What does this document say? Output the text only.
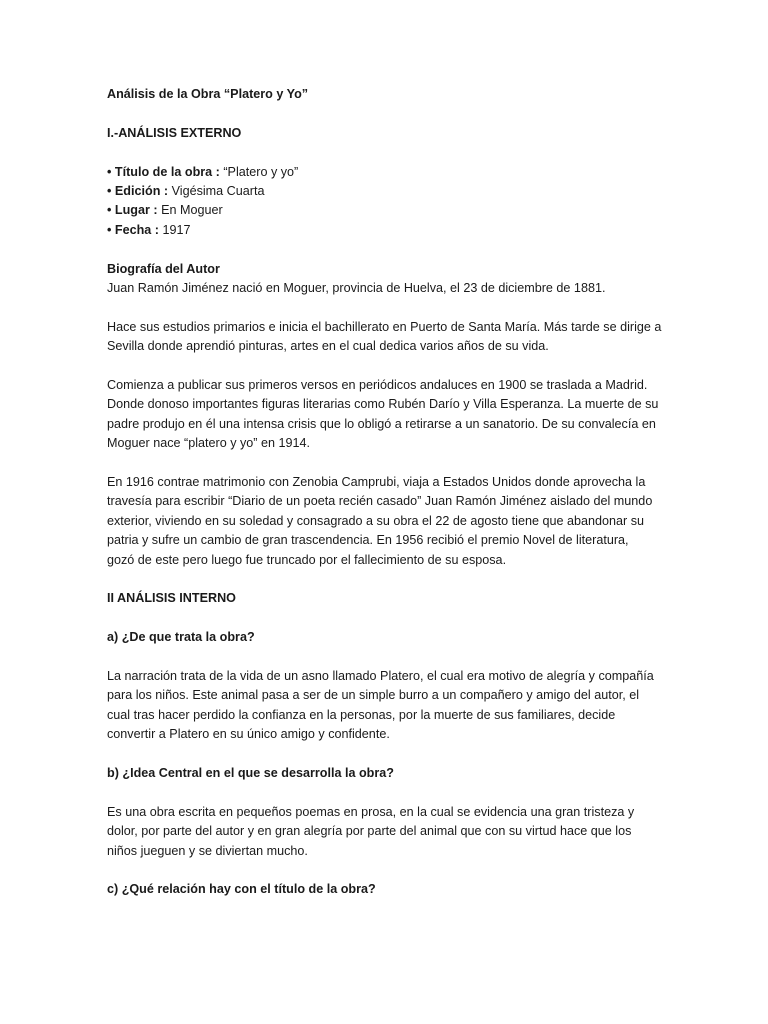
Análisis de la Obra “Platero y Yo”
I.-ANÁLISIS EXTERNO
• Título de la obra : “Platero y yo”
• Edición : Vigésima Cuarta
• Lugar : En Moguer
• Fecha : 1917
Biografía del Autor
Juan Ramón Jiménez nació en Moguer, provincia de Huelva, el 23 de diciembre de 1881.
Hace sus estudios primarios e inicia el bachillerato en Puerto de Santa María. Más tarde se dirige a
Sevilla donde aprendió pinturas, artes en el cual dedica varios años de su vida.
Comienza a publicar sus primeros versos en periódicos andaluces en 1900 se traslada a Madrid.
Donde donoso importantes figuras literarias como Rubén Darío y Villa Esperanza. La muerte de su
padre produjo en él una intensa crisis que lo obligó a retirarse a un sanatorio. De su convalecía en
Moguer nace “platero y yo” en 1914.
En 1916 contrae matrimonio con Zenobia Camprubi, viaja a Estados Unidos donde aprovecha la
travesía para escribir “Diario de un poeta recién casado” Juan Ramón Jiménez aislado del mundo
exterior, viviendo en su soledad y consagrado a su obra el 22 de agosto tiene que abandonar su
patria y sufre un cambio de gran trascendencia. En 1956 recibió el premio Novel de literatura,
gozó de este pero luego fue truncado por el fallecimiento de su esposa.
II ANÁLISIS INTERNO
a) ¿De que trata la obra?
La narración trata de la vida de un asno llamado Platero, el cual era motivo de alegría y compañía
para los niños. Este animal pasa a ser de un simple burro a un compañero y amigo del autor, el
cual tras hacer perdido la confianza en la personas, por la muerte de sus familiares, decide
convertir a Platero en su único amigo y confidente.
b) ¿Idea Central en el que se desarrolla la obra?
Es una obra escrita en pequeños poemas en prosa, en la cual se evidencia una gran tristeza y
dolor, por parte del autor y en gran alegría por parte del animal que con su virtud hace que los
niños jueguen y se diviertan mucho.
c) ¿Qué relación hay con el título de la obra?
